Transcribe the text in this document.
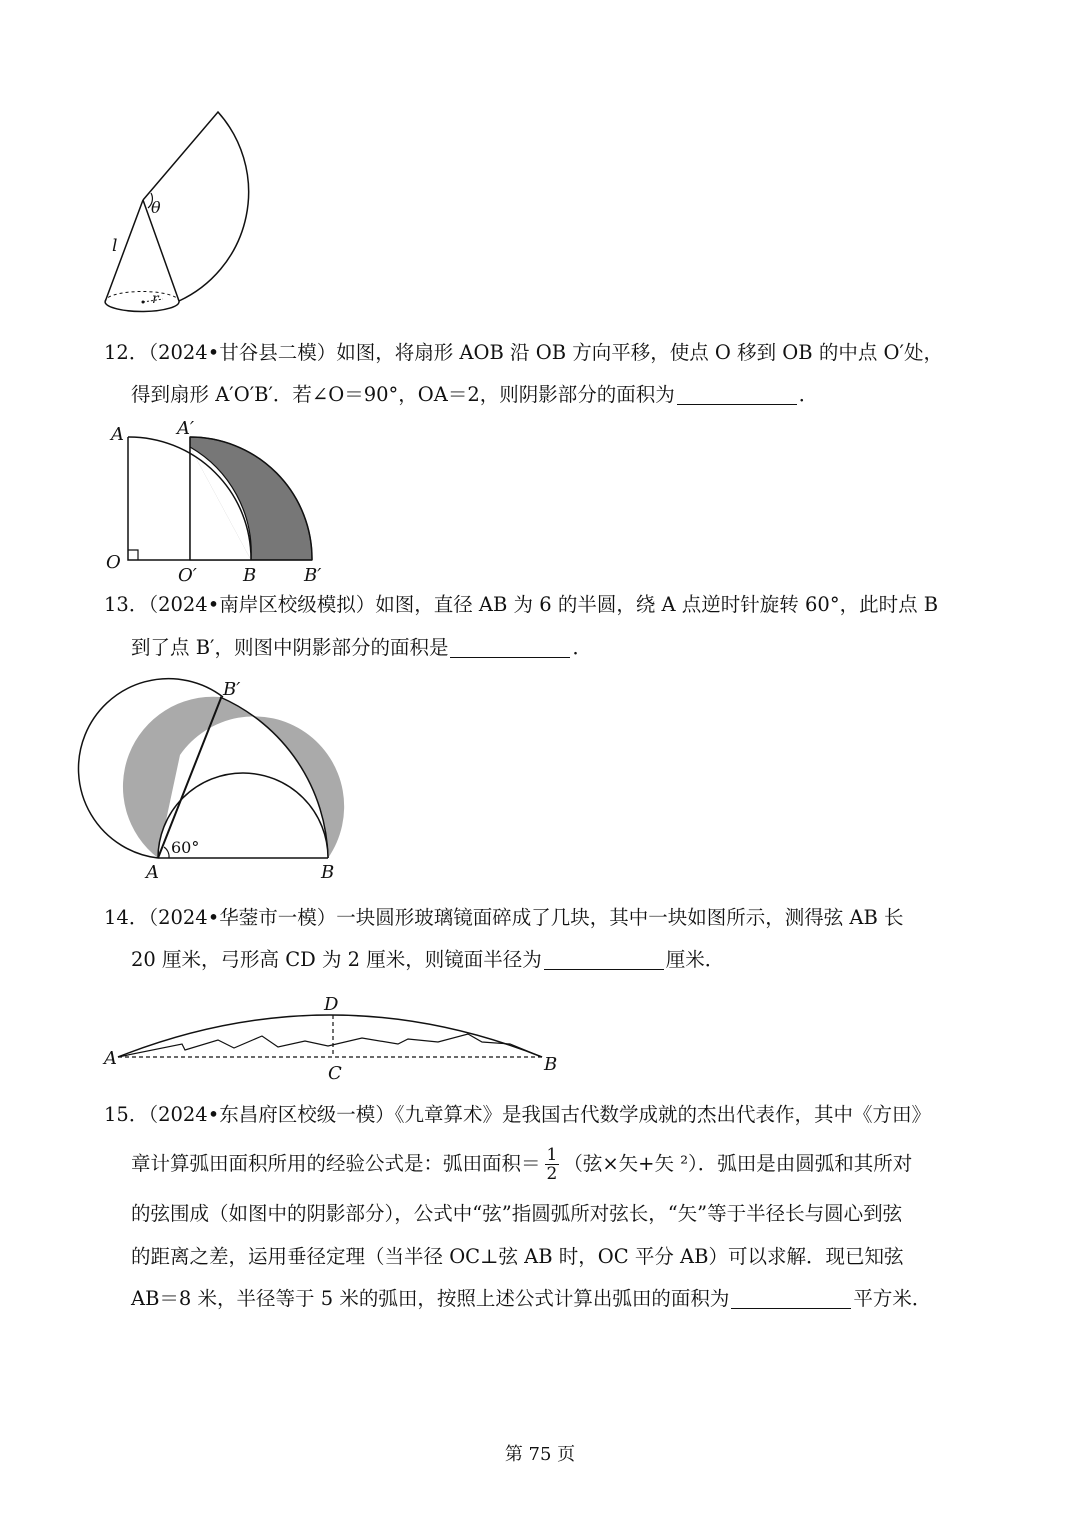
θ
l
r
12．（2024•甘谷县二模）如图，将扇形 AOB 沿 OB 方向平移，使点 O 移到 OB 的中点 O′处，
得到扇形 A′O′B′．若∠O＝90°，OA＝2，则阴影部分的面积为	．
A	A′
O
O′	B	B′
13．（2024•南岸区校级模拟）如图，直径 AB 为 6 的半圆，绕 A 点逆时针旋转 60°，此时点 B
到了点 B′，则图中阴影部分的面积是	．
B′
60°
A	B
14．（2024•华蓥市一模）一块圆形玻璃镜面碎成了几块，其中一块如图所示，测得弦 AB 长
20 厘米，弓形高 CD 为 2 厘米，则镜面半径为	厘米．
D
A
C	B
15．（2024•东昌府区校级一模）《九章算术》是我国古代数学成就的杰出代表作，其中《方田》
章计算弧田面积所用的经验公式是：弧田面积＝ $\frac{1}{2}$ （弦×矢+矢 ²）．弧田是由圆弧和其所对
的弦围成（如图中的阴影部分），公式中“弦”指圆弧所对弦长，“矢”等于半径长与圆心到弦
的距离之差，运用垂径定理（当半径 OC⊥弦 AB 时，OC 平分 AB）可以求解．现已知弦
AB＝8 米，半径等于 5 米的弧田，按照上述公式计算出弧田的面积为	平方米．
第 75 页
